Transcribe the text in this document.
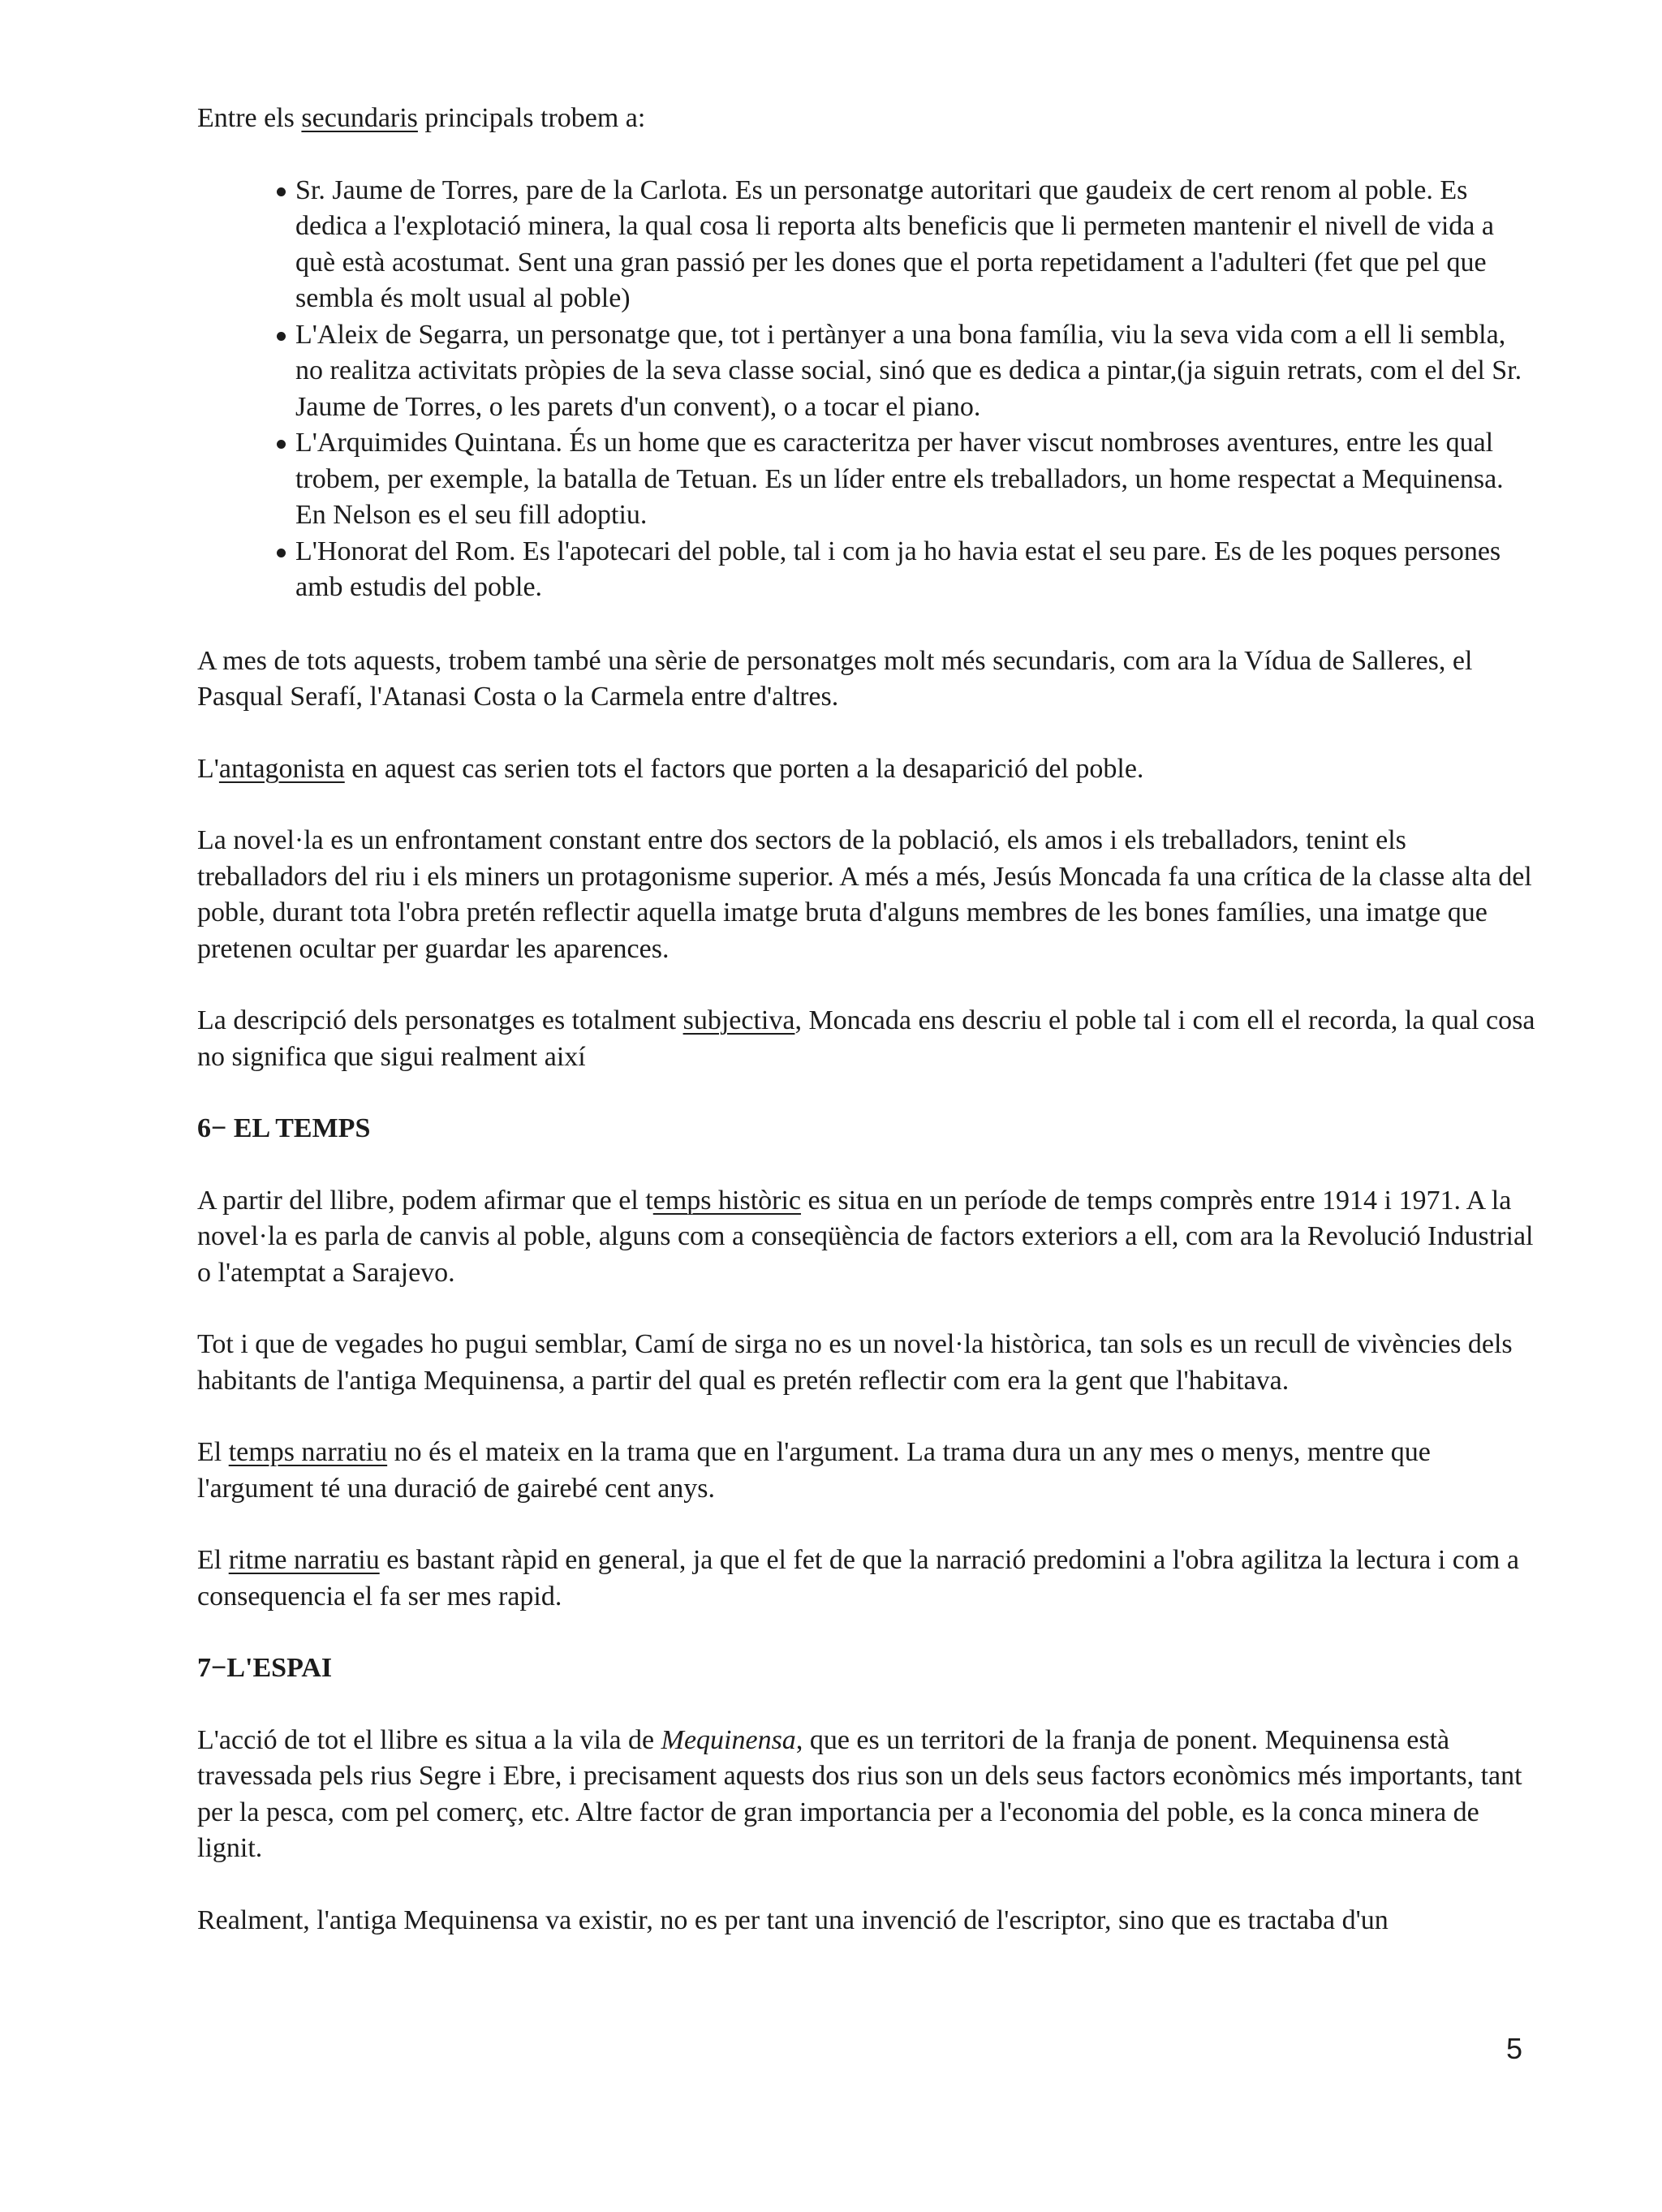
Entre els secundaris principals trobem a:

Sr. Jaume de Torres, pare de la Carlota. Es un personatge autoritari que gaudeix de cert renom al poble. Es dedica a l'explotació minera, la qual cosa li reporta alts beneficis que li permeten mantenir el nivell de vida a què està acostumat. Sent una gran passió per les dones que el porta repetidament a l'adulteri (fet que pel que sembla és molt usual al poble)
L'Aleix de Segarra, un personatge que, tot i pertànyer a una bona família, viu la seva vida com a ell li sembla, no realitza activitats pròpies de la seva classe social, sinó que es dedica a pintar,(ja siguin retrats, com el del Sr. Jaume de Torres, o les parets d'un convent), o a tocar el piano.
L'Arquimides Quintana. És un home que es caracteritza per haver viscut nombroses aventures, entre les qual trobem, per exemple, la batalla de Tetuan. Es un líder entre els treballadors, un home respectat a Mequinensa. En Nelson es el seu fill adoptiu.
L'Honorat del Rom. Es l'apotecari del poble, tal i com ja ho havia estat el seu pare. Es de les poques persones amb estudis del poble.

A mes de tots aquests, trobem també una sèrie de personatges molt més secundaris, com ara la Vídua de Salleres, el Pasqual Serafí, l'Atanasi Costa o la Carmela entre d'altres.

L'antagonista en aquest cas serien tots el factors que porten a la desaparició del poble.

La novel·la es un enfrontament constant entre dos sectors de la població, els amos i els treballadors, tenint els treballadors del riu i els miners un protagonisme superior. A més a més, Jesús Moncada fa una crítica de la classe alta del poble, durant tota l'obra pretén reflectir aquella imatge bruta d'alguns membres de les bones famílies, una imatge que pretenen ocultar per guardar les aparences.

La descripció dels personatges es totalment subjectiva, Moncada ens descriu el poble tal i com ell el recorda, la qual cosa no significa que sigui realment així

6− EL TEMPS

A partir del llibre, podem afirmar que el temps històric es situa en un període de temps comprès entre 1914 i 1971. A la novel·la es parla de canvis al poble, alguns com a conseqüència de factors exteriors a ell, com ara la Revolució Industrial o l'atemptat a Sarajevo.

Tot i que de vegades ho pugui semblar, Camí de sirga no es un novel·la històrica, tan sols es un recull de vivències dels habitants de l'antiga Mequinensa, a partir del qual es pretén reflectir com era la gent que l'habitava.

El temps narratiu no és el mateix en la trama que en l'argument. La trama dura un any mes o menys, mentre que l'argument té una duració de gairebé cent anys.

El ritme narratiu es bastant ràpid en general, ja que el fet de que la narració predomini a l'obra agilitza la lectura i com a consequencia el fa ser mes rapid.

7−L'ESPAI

L'acció de tot el llibre es situa a la vila de Mequinensa, que es un territori de la franja de ponent. Mequinensa està travessada pels rius Segre i Ebre, i precisament aquests dos rius son un dels seus factors econòmics més importants, tant per la pesca, com pel comerç, etc. Altre factor de gran importancia per a l'economia del poble, es la conca minera de lignit.

Realment, l'antiga Mequinensa va existir, no es per tant una invenció de l'escriptor, sino que es tractaba d'un

5
